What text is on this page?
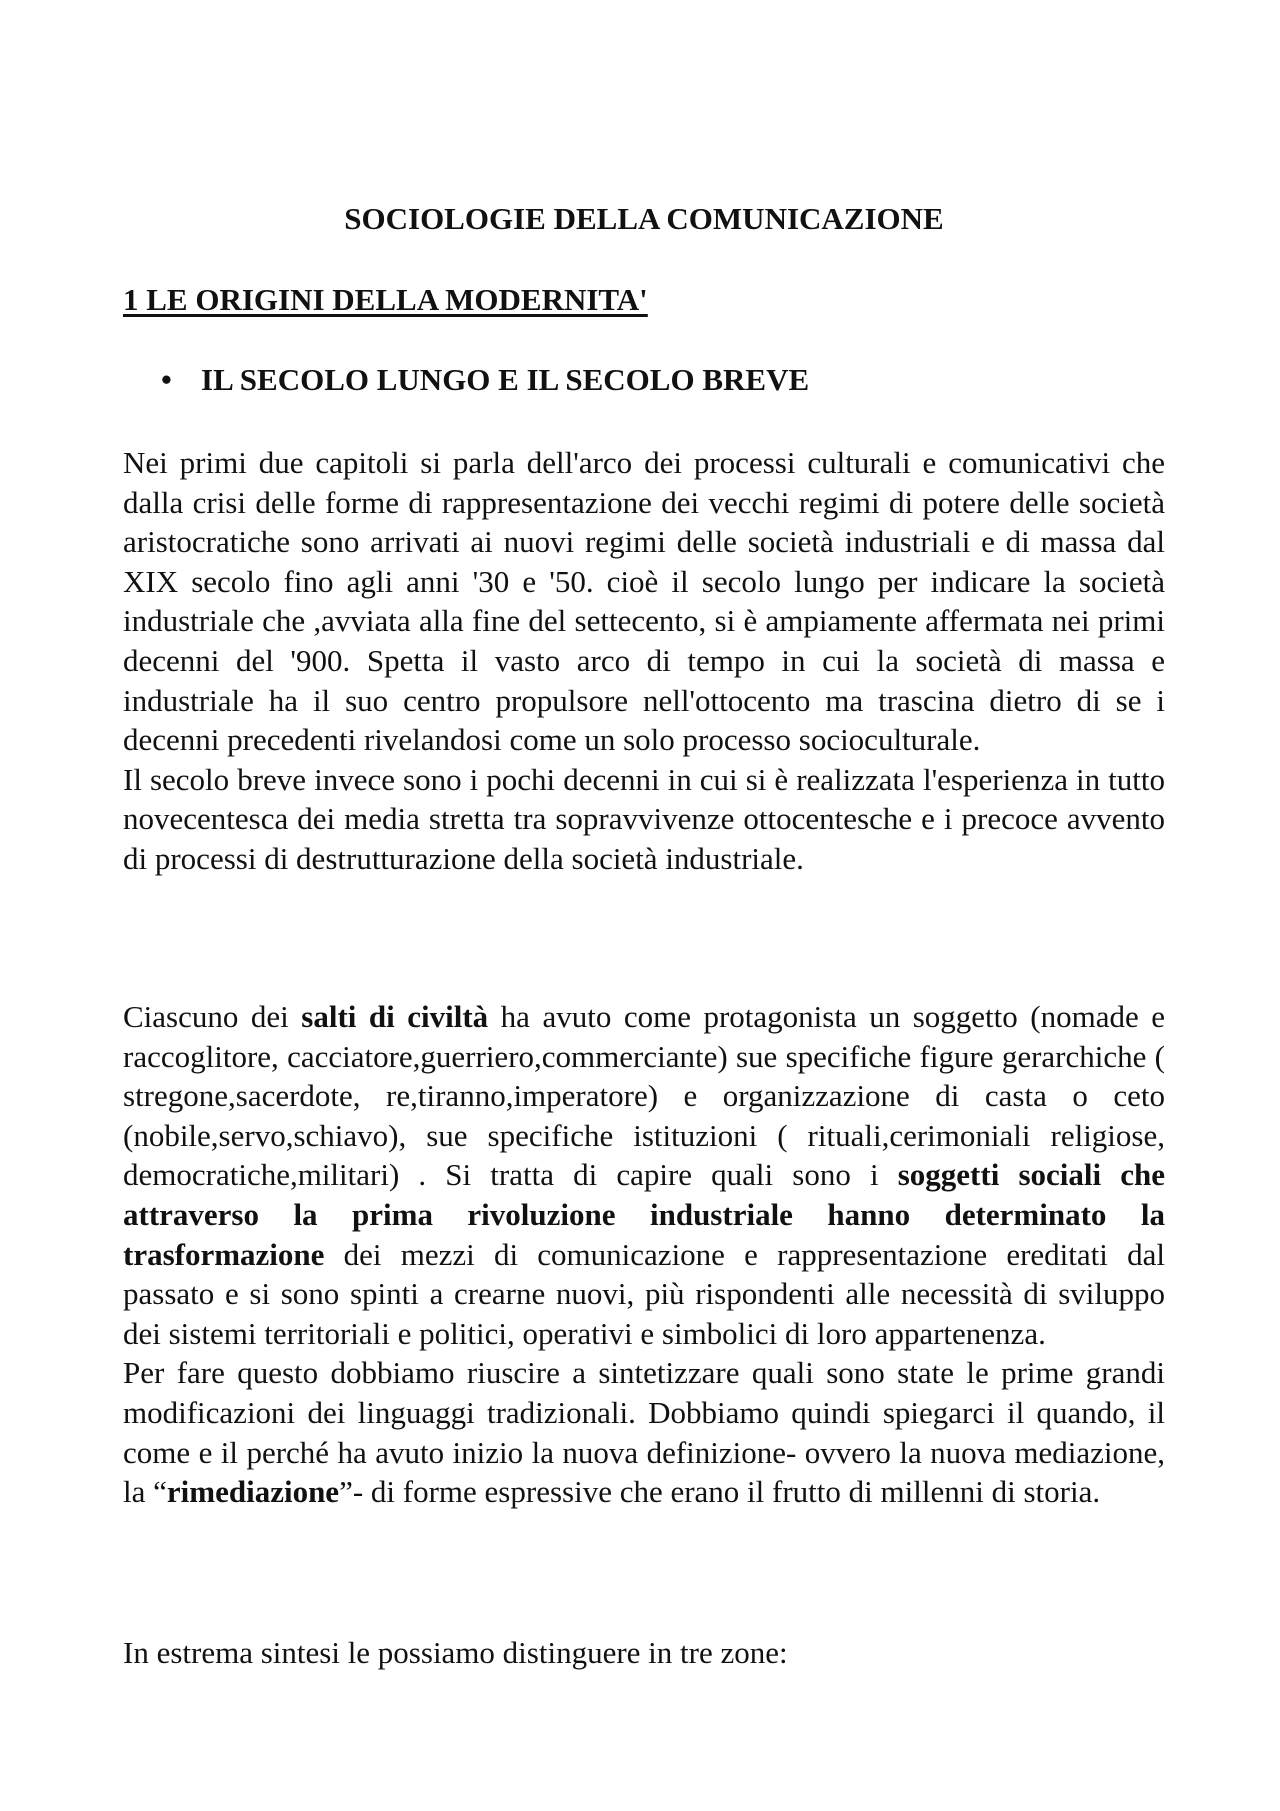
SOCIOLOGIE DELLA COMUNICAZIONE
1 LE ORIGINI DELLA MODERNITA'
• IL SECOLO LUNGO E IL SECOLO BREVE

Nei primi due capitoli si parla dell'arco dei processi culturali e comunicativi che dalla crisi delle forme di rappresentazione dei vecchi regimi di potere delle società aristocratiche sono arrivati ai nuovi regimi delle società industriali e di massa dal XIX secolo fino agli anni '30 e '50. cioè il secolo lungo per indicare la società industriale che ,avviata alla fine del settecento, si è ampiamente affermata nei primi decenni del '900. Spetta il vasto arco di tempo in cui la società di massa e industriale ha il suo centro propulsore nell'ottocento ma trascina dietro di se i decenni precedenti rivelandosi come un solo processo socioculturale.

Il secolo breve invece sono i pochi decenni in cui si è realizzata l'esperienza in tutto novecentesca dei media stretta tra sopravvivenze ottocentesche e i precoce avvento di processi di destrutturazione della società industriale.

Ciascuno dei salti di civiltà ha avuto come protagonista un soggetto (nomade e raccoglitore, cacciatore,guerriero,commerciante) sue specifiche figure gerarchiche ( stregone,sacerdote, re,tiranno,imperatore) e organizzazione di casta o ceto (nobile,servo,schiavo), sue specifiche istituzioni ( rituali,cerimoniali religiose, democratiche,militari) . Si tratta di capire quali sono i soggetti sociali che attraverso la prima rivoluzione industriale hanno determinato la trasformazione dei mezzi di comunicazione e rappresentazione ereditati dal passato e si sono spinti a crearne nuovi, più rispondenti alle necessità di sviluppo dei sistemi territoriali e politici, operativi e simbolici di loro appartenenza.

Per fare questo dobbiamo riuscire a sintetizzare quali sono state le prime grandi modificazioni dei linguaggi tradizionali. Dobbiamo quindi spiegarci il quando, il come e il perché ha avuto inizio la nuova definizione- ovvero la nuova mediazione, la “rimediazione”- di forme espressive che erano il frutto di millenni di storia.

In estrema sintesi le possiamo distinguere in tre zone:
